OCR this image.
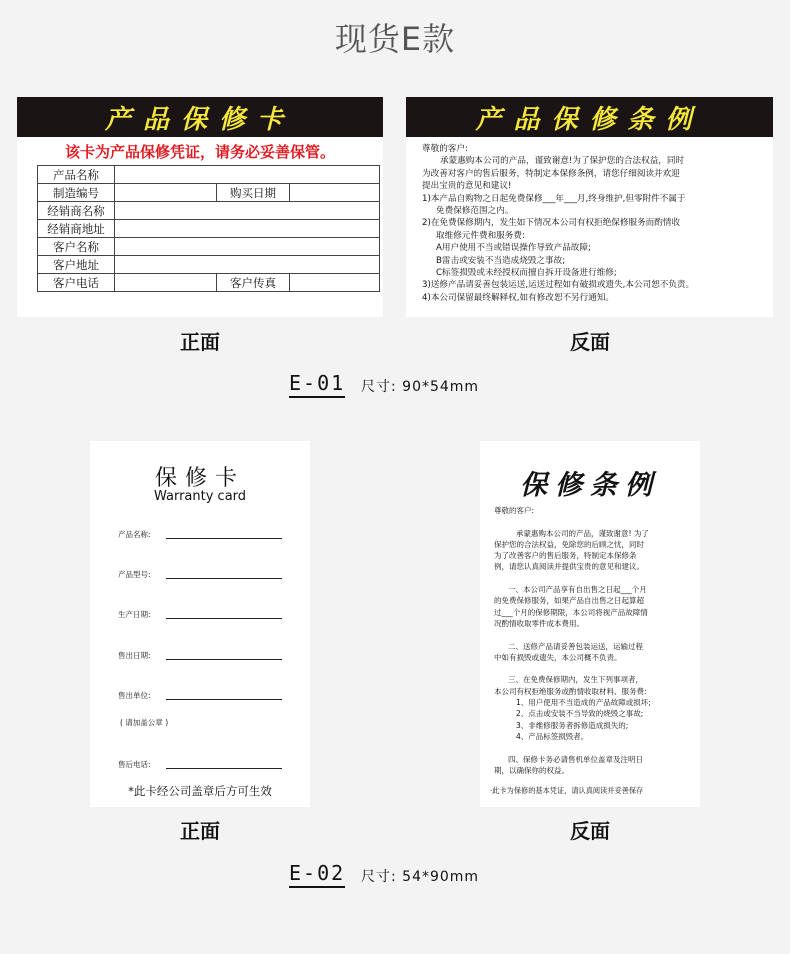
现货E款
产品保修卡
该卡为产品保修凭证，请务必妥善保管。
产品名称			
制造编号		购买日期	
经销商名称			
经销商地址			
客户名称			
客户地址			
客户电话		客户传真	
产品保修条例
尊敬的客户:
承蒙惠购本公司的产品，谨致谢意!为了保护您的合法权益，同时
为改善对客户的售后服务，特制定本保修条例，请您仔细阅读并欢迎
提出宝贵的意见和建议!
1)本产品自购物之日起免费保修___年___月,终身维护,但零附件不属于
免费保修范围之内。
2)在免费保修期内，发生如下情况本公司有权拒绝保修服务而酌情收
取维修元件费和服务费:
A用户使用不当或错误操作导致产品故障;
B雷击或安装不当造成烧毁之事故;
C标签损毁或未经授权而擅自拆开设备进行维修;
3)送修产品请妥善包装运送,运送过程如有破损或遗失,本公司恕不负责。
4)本公司保留最终解释权,如有修改恕不另行通知。
正面	反面
E-01 尺寸: 90*54mm
保修卡
Warranty card
产品名称:
产品型号:
生产日期:
售出日期:
售出单位:
( 请加盖公章 )
售后电话:
*此卡经公司盖章后方可生效
保修条例
尊敬的客户:

承蒙惠购本公司的产品，谨致谢意! 为了
保护您的合法权益，免除您的后顾之忧，同时
为了改善客户的售后服务，特制定本保修条
例，请您认真阅读并提供宝贵的意见和建议。

一、本公司产品享有自出售之日起___个月
的免费保修服务，如果产品自出售之日起算超
过___个月的保修期限，本公司将视产品故障情
况酌情收取零件成本费用。

二、送修产品请妥善包装运送，运输过程
中如有损毁或遗失，本公司概不负责。

三、在免费保修期内，发生下列事项者，
本公司有权拒绝服务或酌情收取材料、服务费:
1、用户使用不当造成的产品故障或损坏;
2、点击或安装不当导致的烧毁之事故;
3、非维修服务者拆修造成损失的;
4、产品标签损毁者。

四、保修卡务必请售机单位盖章及注明日
期，以确保你的权益。
·此卡为保修的基本凭证，请认真阅读并妥善保存
正面	反面
E-02 尺寸: 54*90mm
